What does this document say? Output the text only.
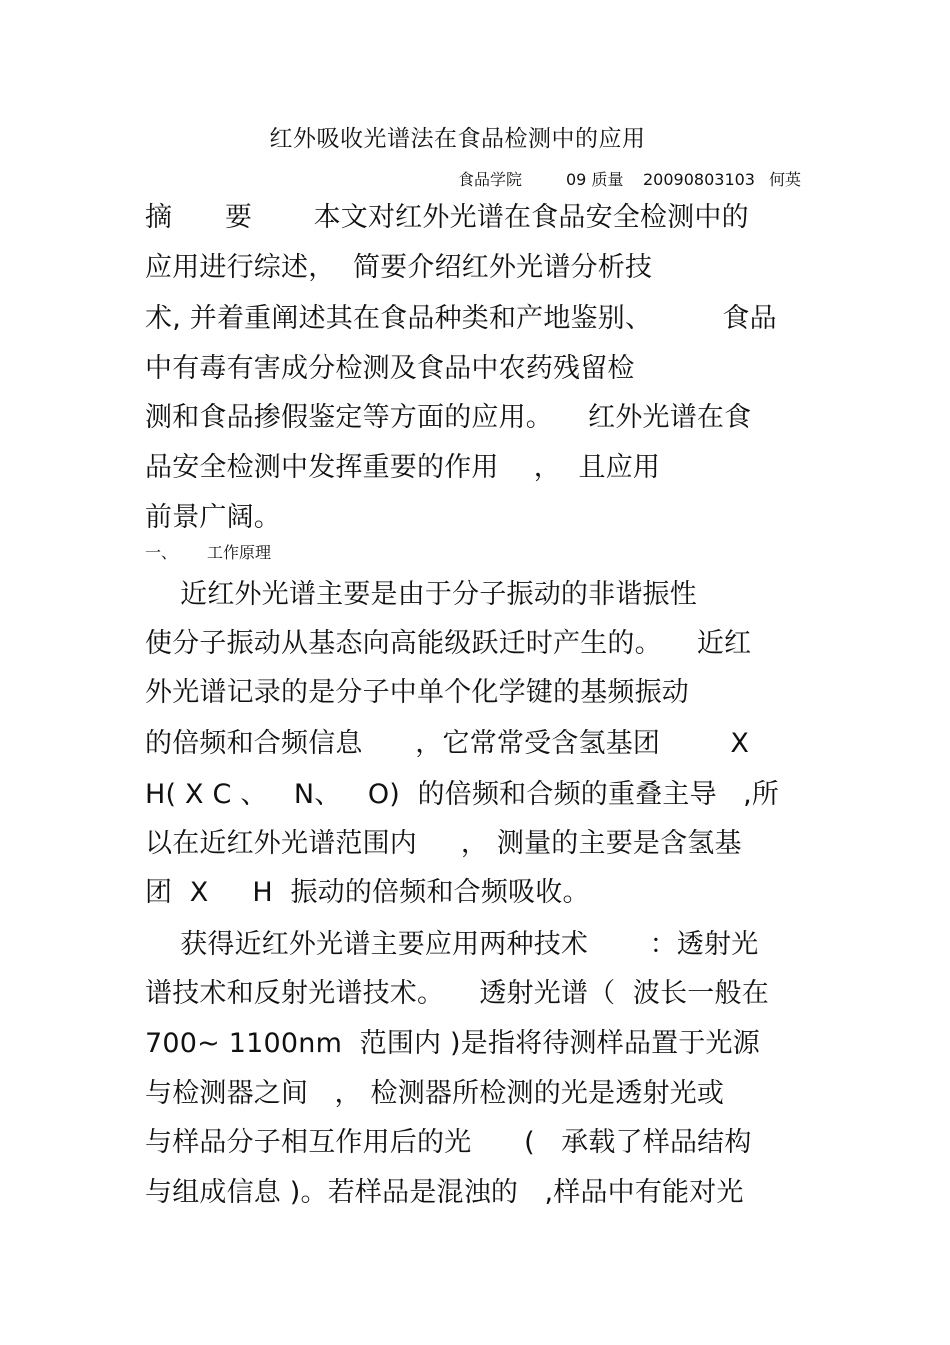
红外吸收光谱法在食品检测中的应用
食品学院	09 质量 20090803103 何英
摘      要       本文对红外光谱在食品安全检测中的
应用进行综述，  简要介绍红外光谱分析技
术, 并着重阐述其在食品种类和产地鉴别、        食品
中有毒有害成分检测及食品中农药残留检
测和食品掺假鉴定等方面的应用。    红外光谱在食
品安全检测中发挥重要的作用    ，  且应用
前景广阔。
一、 工作原理
近红外光谱主要是由于分子振动的非谐振性
使分子振动从基态向高能级跃迁时产生的。    近红
外光谱记录的是分子中单个化学键的基频振动
的倍频和合频信息      ，它常常受含氢基团        X
H( X C 、   N、   O)  的倍频和合频的重叠主导   ,所
以在近红外光谱范围内     ， 测量的主要是含氢基
团  X     H  振动的倍频和合频吸收。
获得近红外光谱主要应用两种技术       ：透射光
谱技术和反射光谱技术。    透射光谱（  波长一般在
700~ 1100nm  范围内 )是指将待测样品置于光源
与检测器之间   ， 检测器所检测的光是透射光或
与样品分子相互作用后的光      (   承载了样品结构
与组成信息 )。若样品是混浊的   ,样品中有能对光
